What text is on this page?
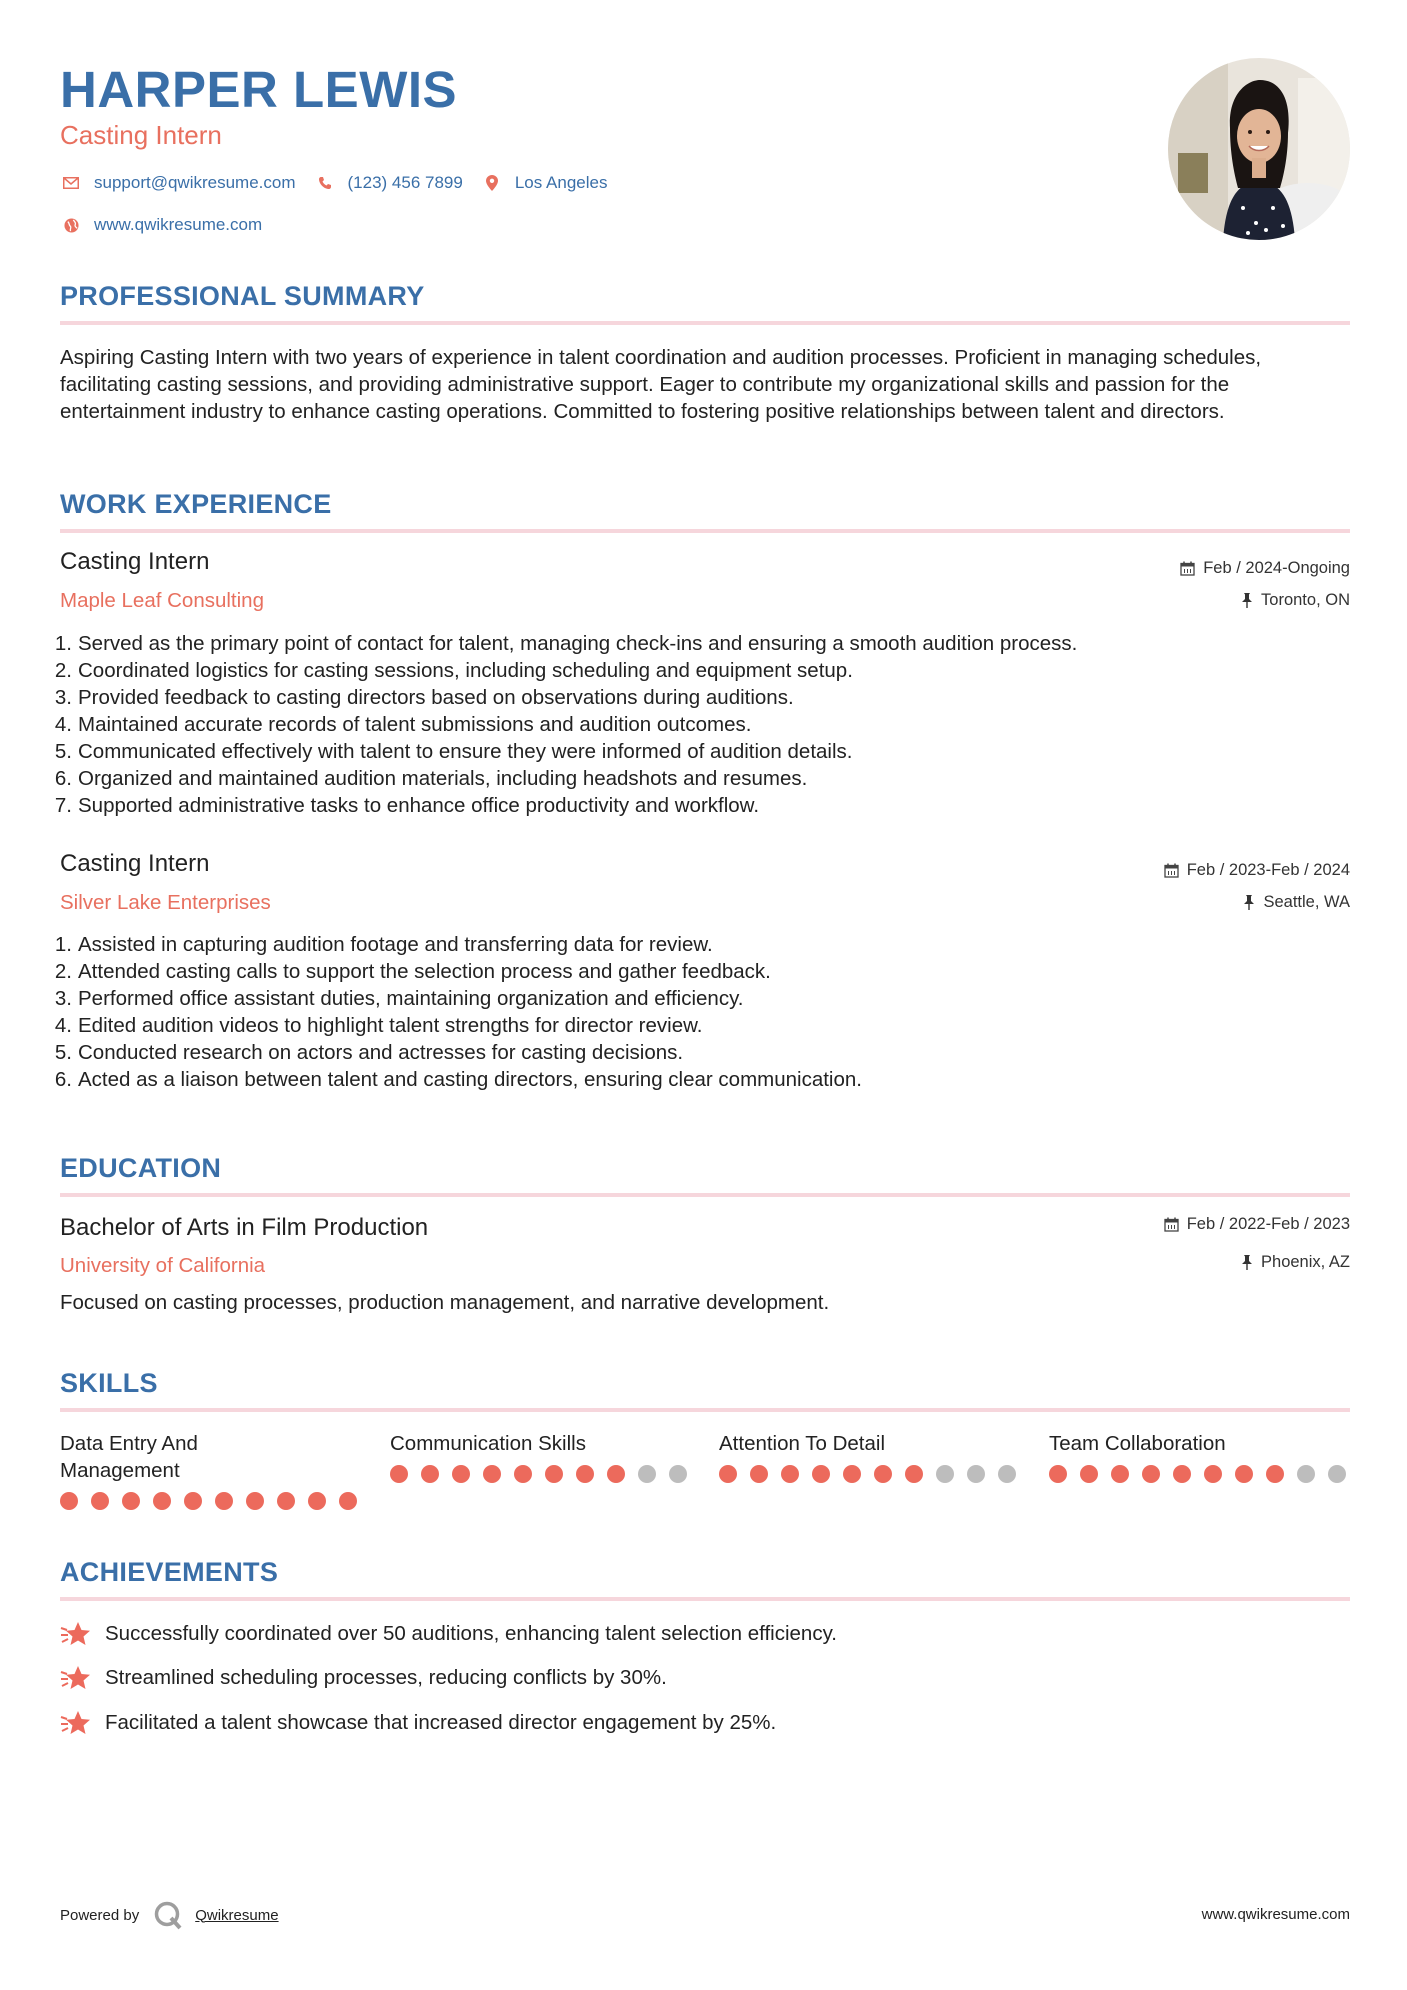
HARPER LEWIS
Casting Intern
support@qwikresume.com	(123) 456 7899	Los Angeles
www.qwikresume.com
PROFESSIONAL SUMMARY
Aspiring Casting Intern with two years of experience in talent coordination and audition processes. Proficient in managing schedules, facilitating casting sessions, and providing administrative support. Eager to contribute my organizational skills and passion for the entertainment industry to enhance casting operations. Committed to fostering positive relationships between talent and directors.
WORK EXPERIENCE
Casting Intern
Maple Leaf Consulting
Feb / 2024-Ongoing
Toronto, ON
1. Served as the primary point of contact for talent, managing check-ins and ensuring a smooth audition process.
2. Coordinated logistics for casting sessions, including scheduling and equipment setup.
3. Provided feedback to casting directors based on observations during auditions.
4. Maintained accurate records of talent submissions and audition outcomes.
5. Communicated effectively with talent to ensure they were informed of audition details.
6. Organized and maintained audition materials, including headshots and resumes.
7. Supported administrative tasks to enhance office productivity and workflow.
Casting Intern
Silver Lake Enterprises
Feb / 2023-Feb / 2024
Seattle, WA
1. Assisted in capturing audition footage and transferring data for review.
2. Attended casting calls to support the selection process and gather feedback.
3. Performed office assistant duties, maintaining organization and efficiency.
4. Edited audition videos to highlight talent strengths for director review.
5. Conducted research on actors and actresses for casting decisions.
6. Acted as a liaison between talent and casting directors, ensuring clear communication.
EDUCATION
Bachelor of Arts in Film Production
University of California
Feb / 2022-Feb / 2023
Phoenix, AZ
Focused on casting processes, production management, and narrative development.
SKILLS
Data Entry And Management
Communication Skills	Attention To Detail	Team Collaboration
ACHIEVEMENTS
Successfully coordinated over 50 auditions, enhancing talent selection efficiency.
Streamlined scheduling processes, reducing conflicts by 30%.
Facilitated a talent showcase that increased director engagement by 25%.
Powered by	Qwikresume	www.qwikresume.com
